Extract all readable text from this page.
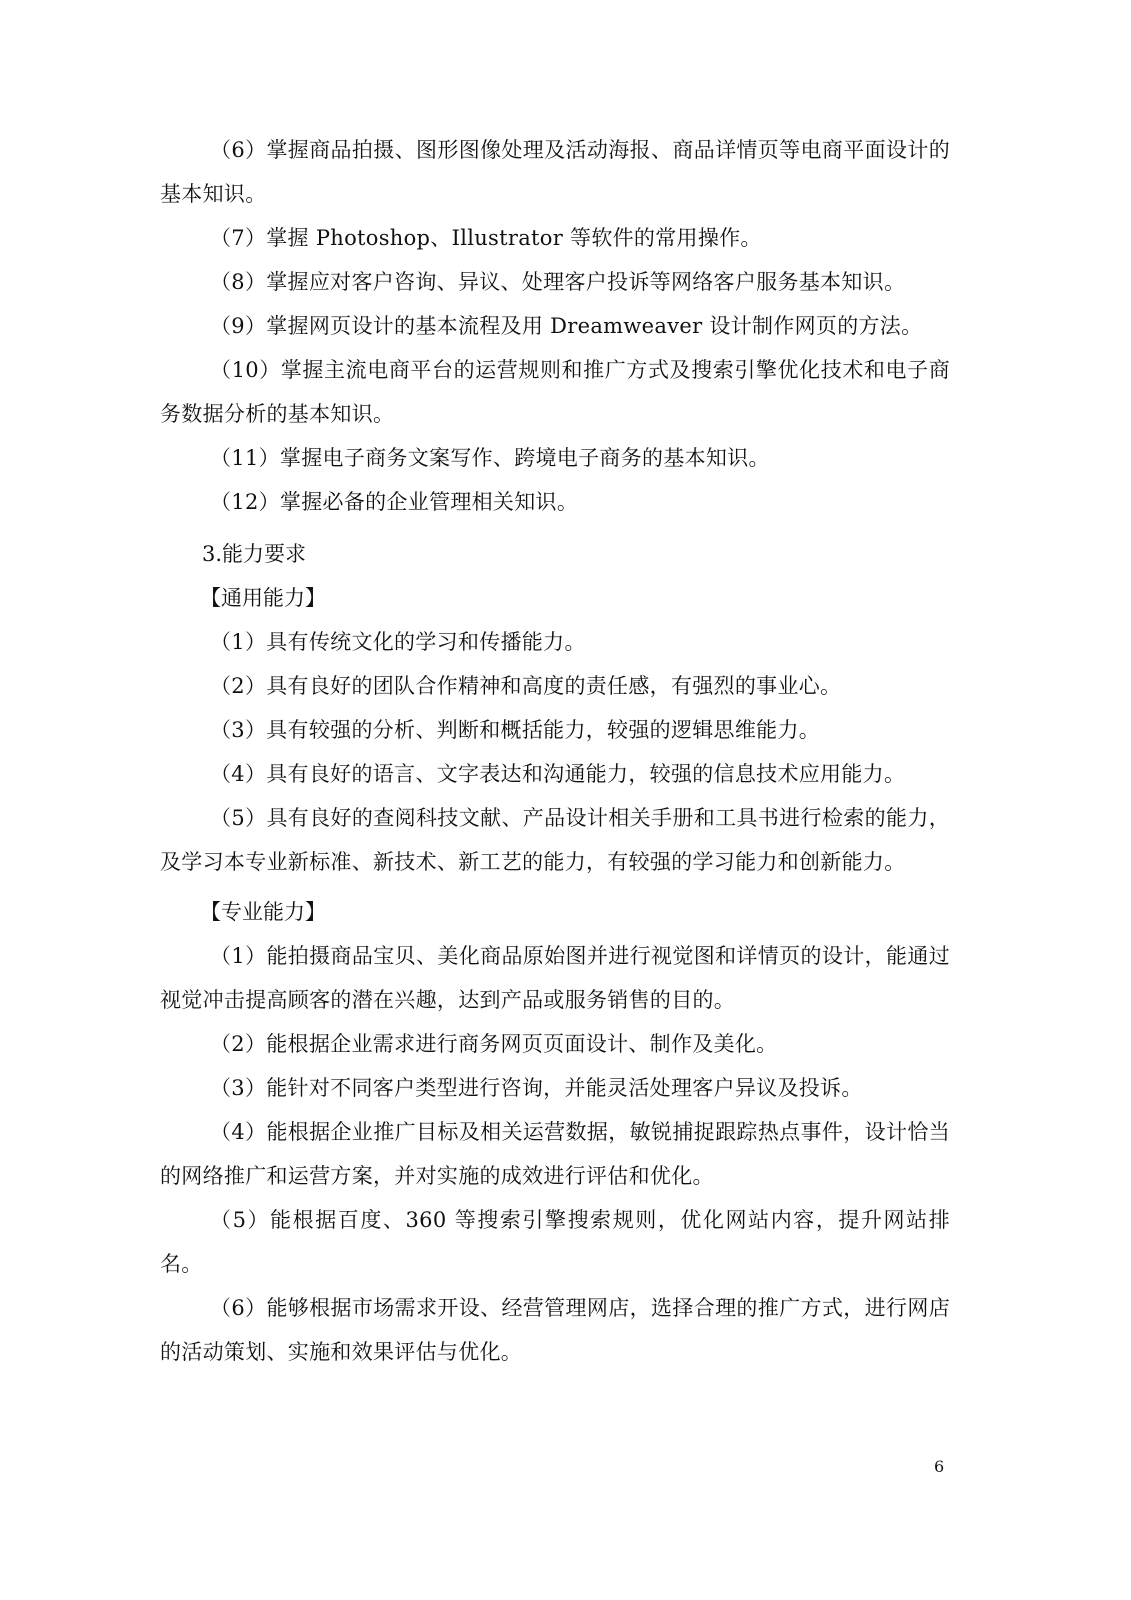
（6）掌握商品拍摄、图形图像处理及活动海报、商品详情页等电商平面设计的基本知识。

（7）掌握 Photoshop、Illustrator 等软件的常用操作。

（8）掌握应对客户咨询、异议、处理客户投诉等网络客户服务基本知识。

（9）掌握网页设计的基本流程及用 Dreamweaver 设计制作网页的方法。

（10）掌握主流电商平台的运营规则和推广方式及搜索引擎优化技术和电子商务数据分析的基本知识。

（11）掌握电子商务文案写作、跨境电子商务的基本知识。

（12）掌握必备的企业管理相关知识。

3.能力要求

【通用能力】

（1）具有传统文化的学习和传播能力。

（2）具有良好的团队合作精神和高度的责任感，有强烈的事业心。

（3）具有较强的分析、判断和概括能力，较强的逻辑思维能力。

（4）具有良好的语言、文字表达和沟通能力，较强的信息技术应用能力。

（5）具有良好的查阅科技文献、产品设计相关手册和工具书进行检索的能力，及学习本专业新标准、新技术、新工艺的能力，有较强的学习能力和创新能力。

【专业能力】

（1）能拍摄商品宝贝、美化商品原始图并进行视觉图和详情页的设计，能通过视觉冲击提高顾客的潜在兴趣，达到产品或服务销售的目的。

（2）能根据企业需求进行商务网页页面设计、制作及美化。

（3）能针对不同客户类型进行咨询，并能灵活处理客户异议及投诉。

（4）能根据企业推广目标及相关运营数据，敏锐捕捉跟踪热点事件，设计恰当的网络推广和运营方案，并对实施的成效进行评估和优化。

（5）能根据百度、360 等搜索引擎搜索规则，优化网站内容，提升网站排名。

（6）能够根据市场需求开设、经营管理网店，选择合理的推广方式，进行网店的活动策划、实施和效果评估与优化。

6
